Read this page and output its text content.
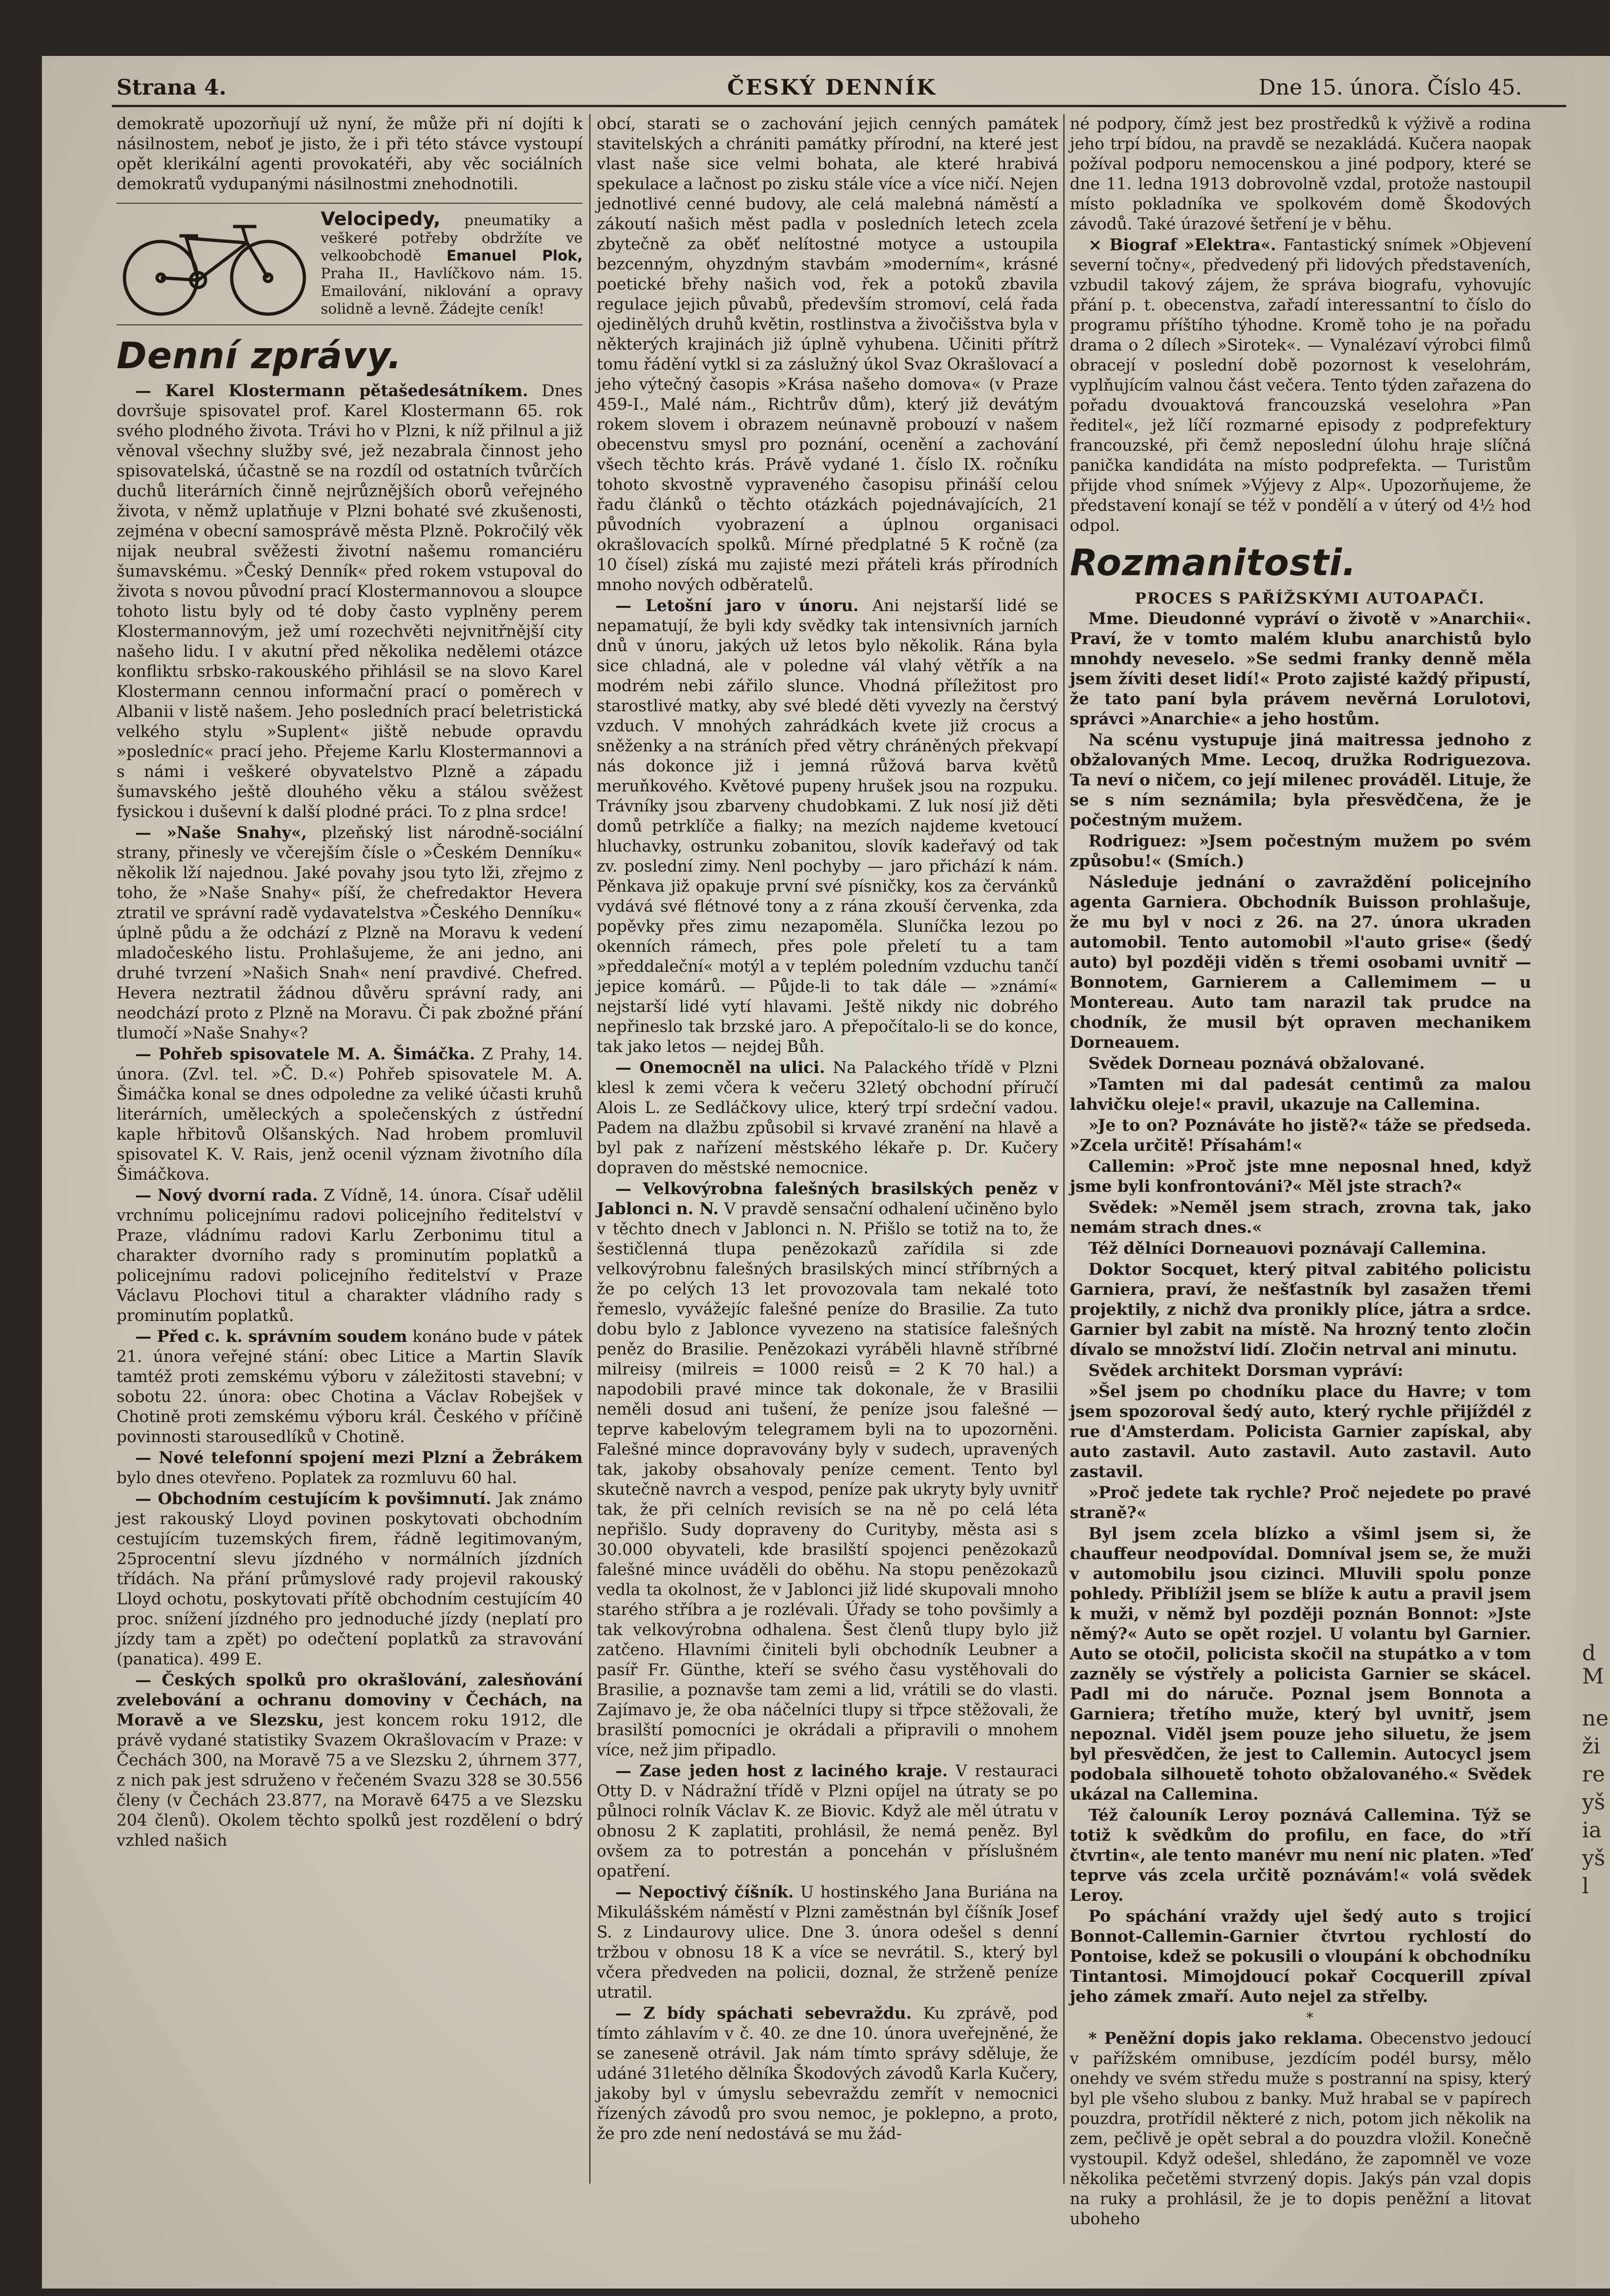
d
M
ne
ži
re
yš
ia
yš
l
Strana 4.	ČESKÝ DENNÍK	Dne 15. února. Číslo 45.

demokratě upozorňují už nyní, že může při ní dojíti k násilnostem, neboť je jisto, že i při této stávce vystoupí opět klerikální agenti provokatéři, aby věc sociálních demokratů vydupanými násilnostmi znehodnotili.

Velocipedy, pneumatiky a veškeré potřeby obdržíte ve velkoobchodě Emanuel Plok, Praha II., Havlíčkovo nám. 15. Emailování, niklování a opravy solidně a levně. Žádejte ceník!
Denní zprávy.

— Karel Klostermann pětašedesátníkem. Dnes dovršuje spisovatel prof. Karel Klostermann 65. rok svého plodného života. Trávi ho v Plzni, k níž přilnul a již věnoval všechny služby své, jež nezabrala činnost jeho spisovatelská, účastně se na rozdíl od ostatních tvůrčích duchů literárních činně nejrůznějších oborů veřejného života, v němž uplatňuje v Plzni bohaté své zkušenosti, zejména v obecní samosprávě města Plzně. Pokročilý věk nijak neubral svěžesti životní našemu romanciéru šumavskému. »Český Denník« před rokem vstupoval do života s novou původní prací Klostermannovou a sloupce tohoto listu byly od té doby často vyplněny perem Klostermannovým, jež umí rozechvěti nejvnitřnější city našeho lidu. I v akutní před několika nedělemi otázce konfliktu srbsko-rakouského přihlásil se na slovo Karel Klostermann cennou informační prací o poměrech v Albanii v listě našem. Jeho posledních prací beletristická velkého stylu »Suplent« jiště nebude opravdu »posledníc« prací jeho. Přejeme Karlu Klostermannovi a s námi i veškeré obyvatelstvo Plzně a západu šumavského ještě dlouhého věku a stálou svěžest fysickou i duševní k další plodné práci. To z plna srdce!

— »Naše Snahy«, plzeňský list národně-sociální strany, přinesly ve včerejším čísle o »Českém Denníku« několik lží najednou. Jaké povahy jsou tyto lži, zřejmo z toho, že »Naše Snahy« píší, že chefredaktor Hevera ztratil ve správní radě vydavatelstva »Českého Denníku« úplně půdu a že odchází z Plzně na Moravu k vedení mladočeského listu. Prohlašujeme, že ani jedno, ani druhé tvrzení »Našich Snah« není pravdivé. Chefred. Hevera neztratil žádnou důvěru správní rady, ani neodchází proto z Plzně na Moravu. Či pak zbožné přání tlumočí »Naše Snahy«?

— Pohřeb spisovatele M. A. Šimáčka. Z Prahy, 14. února. (Zvl. tel. »Č. D.«) Pohřeb spisovatele M. A. Šimáčka konal se dnes odpoledne za veliké účasti kruhů literárních, uměleckých a společenských z ústřední kaple hřbitovů Olšanských. Nad hrobem promluvil spisovatel K. V. Rais, jenž ocenil význam životního díla Šimáčkova.

— Nový dvorní rada. Z Vídně, 14. února. Císař udělil vrchnímu policejnímu radovi policejního ředitelství v Praze, vládnímu radovi Karlu Zerbonimu titul a charakter dvorního rady s prominutím poplatků a policejnímu radovi policejního ředitelství v Praze Václavu Plochovi titul a charakter vládního rady s prominutím poplatků.

— Před c. k. správním soudem konáno bude v pátek 21. února veřejné stání: obec Litice a Martin Slavík tamtéž proti zemskému výboru v záležitosti stavební; v sobotu 22. února: obec Chotina a Václav Robejšek v Chotině proti zemskému výboru král. Českého v příčině povinnosti starousedlíků v Chotině.

— Nové telefonní spojení mezi Plzní a Žebrákem bylo dnes otevřeno. Poplatek za rozmluvu 60 hal.

— Obchodním cestujícím k povšimnutí. Jak známo jest rakouský Lloyd povinen poskytovati obchodním cestujícím tuzemských firem, řádně legitimovaným, 25procentní slevu jízdného v normálních jízdních třídách. Na přání průmyslové rady projevil rakouský Lloyd ochotu, poskytovati přítě obchodním cestujícím 40 proc. snížení jízdného pro jednoduché jízdy (neplatí pro jízdy tam a zpět) po odečtení poplatků za stravování (panatica). 499 E.

— Českých spolků pro okrašlování, zalesňování zvelebování a ochranu domoviny v Čechách, na Moravě a ve Slezsku, jest koncem roku 1912, dle právě vydané statistiky Svazem Okrašlovacím v Praze: v Čechách 300, na Moravě 75 a ve Slezsku 2, úhrnem 377, z nich pak jest sdruženo v řečeném Svazu 328 se 30.556 členy (v Čechách 23.877, na Moravě 6475 a ve Slezsku 204 členů). Okolem těchto spolků jest rozdělení o bdrý vzhled našich

obcí, starati se o zachování jejich cenných památek stavitelských a chrániti památky přírodní, na které jest vlast naše sice velmi bohata, ale které hrabivá spekulace a lačnost po zisku stále více a více ničí. Nejen jednotlivé cenné budovy, ale celá malebná náměstí a zákoutí našich měst padla v posledních letech zcela zbytečně za oběť nelítostné motyce a ustoupila bezcenným, ohyzdným stavbám »moderním«, krásné poetické břehy našich vod, řek a potoků zbavila regulace jejich půvabů, především stromoví, celá řada ojedinělých druhů květin, rostlinstva a živočišstva byla v některých krajinách již úplně vyhubena. Učiniti přítrž tomu řádění vytkl si za záslužný úkol Svaz Okrašlovací a jeho výtečný časopis »Krása našeho domova« (v Praze 459-I., Malé nám., Richtrův dům), který již devátým rokem slovem i obrazem neúnavně probouzí v našem obecenstvu smysl pro poznání, ocenění a zachování všech těchto krás. Právě vydané 1. číslo IX. ročníku tohoto skvostně vypraveného časopisu přináší celou řadu článků o těchto otázkách pojednávajících, 21 původních vyobrazení a úplnou organisaci okrašlovacích spolků. Mírné předplatné 5 K ročně (za 10 čísel) získá mu zajisté mezi přáteli krás přírodních mnoho nových odběratelů.

— Letošní jaro v únoru. Ani nejstarší lidé se nepamatují, že byli kdy svědky tak intensivních jarních dnů v únoru, jakých už letos bylo několik. Rána byla sice chladná, ale v poledne vál vlahý větřík a na modrém nebi zářilo slunce. Vhodná příležitost pro starostlivé matky, aby své bledé děti vyvezly na čerstvý vzduch. V mnohých zahrádkách kvete již crocus a sněženky a na stráních před větry chráněných překvapí nás dokonce již i jemná růžová barva květů meruňkového. Květové pupeny hrušek jsou na rozpuku. Trávníky jsou zbarveny chudobkami. Z luk nosí již děti domů petrklíče a fialky; na mezích najdeme kvetoucí hluchavky, ostrunku zobanitou, slovík kadeřavý od tak zv. poslední zimy. Nenl pochyby — jaro přichází k nám. Pěnkava již opakuje první své písničky, kos za červánků vydává své flétnové tony a z rána zkouší červenka, zda popěvky přes zimu nezapoměla. Sluníčka lezou po okenních rámech, přes pole přeletí tu a tam »předdaleční« motýl a v teplém poledním vzduchu tančí jepice komárů. — Půjde-li to tak dále — »známí« nejstarší lidé vytí hlavami. Ještě nikdy nic dobrého nepřineslo tak brzské jaro. A přepočítalo-li se do konce, tak jako letos — nejdej Bůh.

— Onemocněl na ulici. Na Palackého třídě v Plzni klesl k zemi včera k večeru 32letý obchodní příručí Alois L. ze Sedláčkovy ulice, který trpí srdeční vadou. Padem na dlažbu způsobil si krvavé zranění na hlavě a byl pak z nařízení městského lékaře p. Dr. Kučery dopraven do městské nemocnice.

— Velkovýrobna falešných brasilských peněz v Jablonci n. N. V pravdě sensační odhalení učiněno bylo v těchto dnech v Jablonci n. N. Přišlo se totiž na to, že šestičlenná tlupa penězokazů zařídila si zde velkovýrobnu falešných brasilských mincí stříbrných a že po celých 13 let provozovala tam nekalé toto řemeslo, vyvážejíc falešné peníze do Brasilie. Za tuto dobu bylo z Jablonce vyvezeno na statisíce falešných peněz do Brasilie. Penězokazi vyráběli hlavně stříbrné milreisy (milreis = 1000 reisů = 2 K 70 hal.) a napodobili pravé mince tak dokonale, že v Brasilii neměli dosud ani tušení, že peníze jsou falešné — teprve kabelovým telegramem byli na to upozorněni. Falešné mince dopravovány byly v sudech, upravených tak, jakoby obsahovaly peníze cement. Tento byl skutečně navrch a vespod, peníze pak ukryty byly uvnitř tak, že při celních revisích se na ně po celá léta nepřišlo. Sudy dopraveny do Curityby, města asi s 30.000 obyvateli, kde brasilští spojenci penězokazů falešné mince uváděli do oběhu. Na stopu penězokazů vedla ta okolnost, že v Jablonci již lidé skupovali mnoho starého stříbra a je rozlévali. Úřady se toho povšimly a tak velkovýrobna odhalena. Šest členů tlupy bylo již zatčeno. Hlavními činiteli byli obchodník Leubner a pasíř Fr. Günthe, kteří se svého času vystěhovali do Brasilie, a poznavše tam zemi a lid, vrátili se do vlasti. Zajímavo je, že oba náčelníci tlupy si třpce stěžovali, že brasilští pomocníci je okrádali a připravili o mnohem více, než jim připadlo.

— Zase jeden host z laciného kraje. V restauraci Otty D. v Nádražní třídě v Plzni opíjel na útraty se po půlnoci rolník Václav K. ze Biovic. Když ale měl útratu v obnosu 2 K zaplatiti, prohlásil, že nemá peněz. Byl ovšem za to potrestán a poncehán v příslušném opatření.

— Nepoctivý číšník. U hostinského Jana Buriána na Mikulášském náměstí v Plzni zaměstnán byl číšník Josef S. z Lindaurovy ulice. Dne 3. února odešel s denní tržbou v obnosu 18 K a více se nevrátil. S., který byl včera předveden na policii, doznal, že strženě peníze utratil.

— Z bídy spáchati sebevraždu. Ku zprávě, pod tímto záhlavím v č. 40. ze dne 10. února uveřejněné, že se zaneseně otrávil. Jak nám tímto správy sděluje, že udáné 31letého dělníka Škodových závodů Karla Kučery, jakoby byl v úmyslu sebevraždu zemřít v nemocnici řízených závodů pro svou nemoc, je poklepno, a proto, že pro zde není nedostává se mu žád-

né podpory, čímž jest bez prostředků k výživě a rodina jeho trpí bídou, na pravdě se nezakládá. Kučera naopak požíval podporu nemocenskou a jiné podpory, které se dne 11. ledna 1913 dobrovolně vzdal, protože nastoupil místo pokladníka ve spolkovém domě Škodových závodů. Také úrazové šetření je v běhu.

× Biograf »Elektra«. Fantastický snímek »Objevení severní točny«, předvedený při lidových představeních, vzbudil takový zájem, že správa biografu, vyhovujíc přání p. t. obecenstva, zařadí interessantní to číslo do programu příštího týhodne. Kromě toho je na pořadu drama o 2 dílech »Sirotek«. — Vynalézaví výrobci filmů obracejí v poslední době pozornost k veselohrám, vyplňujícím valnou část večera. Tento týden zařazena do pořadu dvouaktová francouzská veselohra »Pan ředitel«, jež líčí rozmarné episody z podprefektury francouzské, při čemž neposlední úlohu hraje slíčná panička kandidáta na místo podprefekta. — Turistům přijde vhod snímek »Výjevy z Alp«. Upozorňujeme, že představení konají se též v pondělí a v úterý od 4½ hod odpol.

Rozmanitosti.

PROCES S PAŘÍŽSKÝMI AUTOAPAČI.

Mme. Dieudonné vypráví o životě v »Anarchii«. Praví, že v tomto malém klubu anarchistů bylo mnohdy neveselo. »Se sedmi franky denně měla jsem žíviti deset lidí!« Proto zajisté každý připustí, že tato paní byla právem nevěrná Lorulotovi, správci »Anarchie« a jeho hostům.

Na scénu vystupuje jiná maitressa jednoho z obžalovaných Mme. Lecoq, družka Rodriguezova. Ta neví o ničem, co její milenec prováděl. Lituje, že se s ním seznámila; byla přesvědčena, že je počestným mužem.

Rodriguez: »Jsem počestným mužem po svém způsobu!« (Smích.)

Následuje jednání o zavraždění policejního agenta Garniera. Obchodník Buisson prohlašuje, že mu byl v noci z 26. na 27. února ukraden automobil. Tento automobil »l'auto grise« (šedý auto) byl později viděn s třemi osobami uvnitř — Bonnotem, Garnierem a Callemimem — u Montereau. Auto tam narazil tak prudce na chodník, že musil být opraven mechanikem Dorneauem.

Svědek Dorneau poznává obžalované.

»Tamten mi dal padesát centimů za malou lahvičku oleje!« pravil, ukazuje na Callemina.

»Je to on? Poznáváte ho jistě?« táže se předseda. »Zcela určitě! Přísahám!«

Callemin: »Proč jste mne neposnal hned, když jsme byli konfrontováni?« Měl jste strach?«

Svědek: »Neměl jsem strach, zrovna tak, jako nemám strach dnes.«

Též dělníci Dorneauovi poznávají Callemina.

Doktor Socquet, který pitval zabitého policistu Garniera, praví, že nešťastník byl zasažen třemi projektily, z nichž dva pronikly plíce, játra a srdce. Garnier byl zabit na místě. Na hrozný tento zločin dívalo se množství lidí. Zločin netrval ani minutu.

Svědek architekt Dorsman vypráví:

»Šel jsem po chodníku place du Havre; v tom jsem spozoroval šedý auto, který rychle přijíždél z rue d'Amsterdam. Policista Garnier zapískal, aby auto zastavil. Auto zastavil. Auto zastavil. Auto zastavil.

»Proč jedete tak rychle? Proč nejedete po pravé straně?«

Byl jsem zcela blízko a všiml jsem si, že chauffeur neodpovídal. Domníval jsem se, že muži v automobilu jsou cizinci. Mluvili spolu ponze pohledy. Přiblížil jsem se blíže k autu a pravil jsem k muži, v němž byl později poznán Bonnot: »Jste němý?« Auto se opět rozjel. U volantu byl Garnier. Auto se otočil, policista skočil na stupátko a v tom zazněly se výstřely a policista Garnier se skácel. Padl mi do náruče. Poznal jsem Bonnota a Garniera; třetího muže, který byl uvnitř, jsem nepoznal. Viděl jsem pouze jeho siluetu, že jsem byl přesvědčen, že jest to Callemin. Autocycl jsem podobala silhouetě tohoto obžalovaného.« Svědek ukázal na Callemina.

Též čalouník Leroy poznává Callemina. Týž se totiž k svědkům do profilu, en face, do »tří čtvrtin«, ale tento manévr mu není nic platen. »Teď teprve vás zcela určitě poznávám!« volá svědek Leroy.

Po spáchání vraždy ujel šedý auto s trojicí Bonnot-Callemin-Garnier čtvrtou rychlostí do Pontoise, kdež se pokusili o vloupání k obchodníku Tintantosi. Mimojdoucí pokař Cocquerill zpíval jeho zámek zmaří. Auto nejel za střelby.

*

* Peněžní dopis jako reklama. Obecenstvo jedoucí v pařížském omnibuse, jezdícím podél bursy, mělo onehdy ve svém středu muže s postranní na spisy, který byl ple všeho slubou z banky. Muž hrabal se v papírech pouzdra, protřídil některé z nich, potom jich několik na zem, pečlivě je opět sebral a do pouzdra vložil. Konečně vystoupil. Když odešel, shledáno, že zapomněl ve voze několika pečetěmi stvrzený dopis. Jakýs pán vzal dopis na ruky a prohlásil, že je to dopis peněžní a litovat uboheho
